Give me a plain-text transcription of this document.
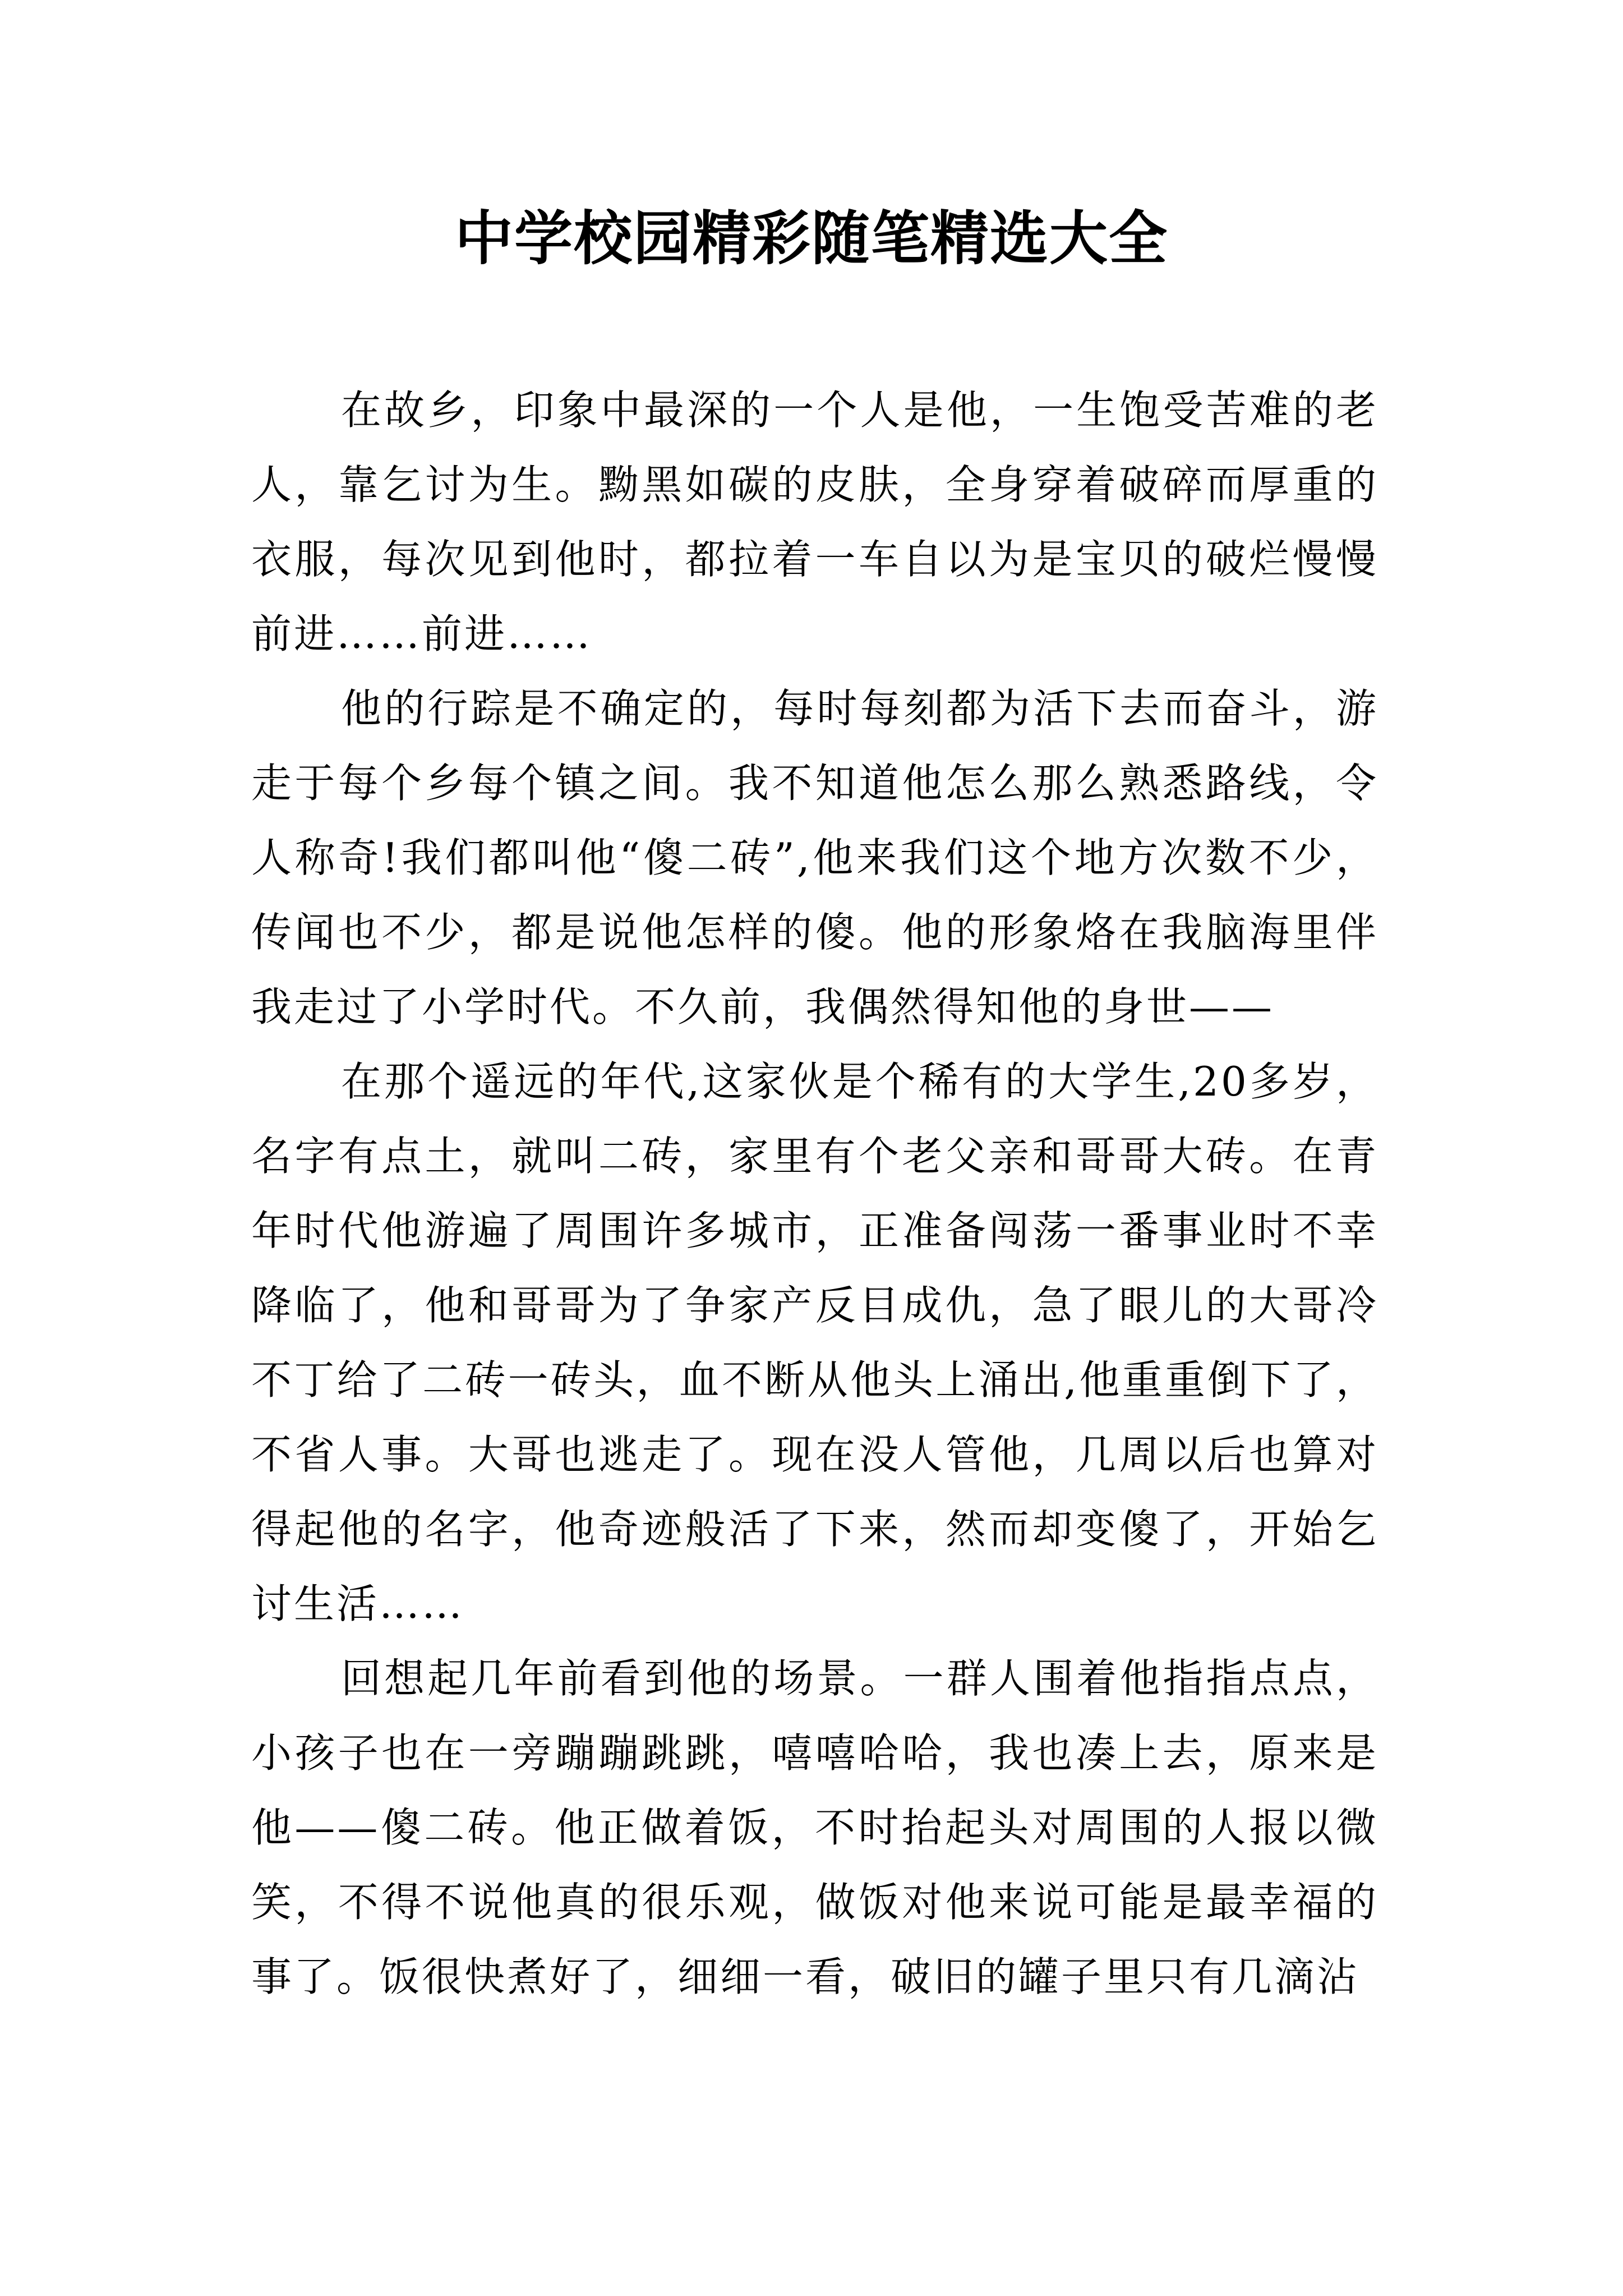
中学校园精彩随笔精选大全

在故乡，印象中最深的一个人是他，一生饱受苦难的老人，靠乞讨为生。黝黑如碳的皮肤，全身穿着破碎而厚重的衣服，每次见到他时，都拉着一车自以为是宝贝的破烂慢慢前进……前进……

他的行踪是不确定的，每时每刻都为活下去而奋斗，游走于每个乡每个镇之间。我不知道他怎么那么熟悉路线，令人称奇!我们都叫他“傻二砖”,他来我们这个地方次数不少，传闻也不少，都是说他怎样的傻。他的形象烙在我脑海里伴我走过了小学时代。不久前，我偶然得知他的身世——

在那个遥远的年代,这家伙是个稀有的大学生,20多岁，名字有点土，就叫二砖，家里有个老父亲和哥哥大砖。在青年时代他游遍了周围许多城市，正准备闯荡一番事业时不幸降临了，他和哥哥为了争家产反目成仇，急了眼儿的大哥冷不丁给了二砖一砖头，血不断从他头上涌出,他重重倒下了，不省人事。大哥也逃走了。现在没人管他，几周以后也算对得起他的名字，他奇迹般活了下来，然而却变傻了，开始乞讨生活……

回想起几年前看到他的场景。一群人围着他指指点点，小孩子也在一旁蹦蹦跳跳，嘻嘻哈哈，我也凑上去，原来是他——傻二砖。他正做着饭，不时抬起头对周围的人报以微笑，不得不说他真的很乐观，做饭对他来说可能是最幸福的事了。饭很快煮好了，细细一看，破旧的罐子里只有几滴沾
